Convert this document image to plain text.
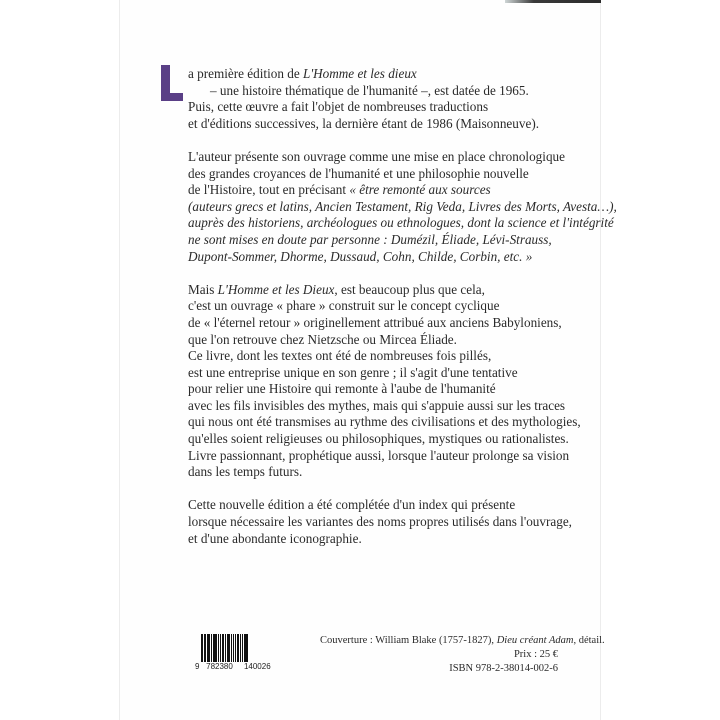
a première édition de L'Homme et les dieux
– une histoire thématique de l'humanité –, est datée de 1965.
Puis, cette œuvre a fait l'objet de nombreuses traductions
et d'éditions successives, la dernière étant de 1986 (Maisonneuve).
L'auteur présente son ouvrage comme une mise en place chronologique
des grandes croyances de l'humanité et une philosophie nouvelle
de l'Histoire, tout en précisant « être remonté aux sources
(auteurs grecs et latins, Ancien Testament, Rig Veda, Livres des Morts, Avesta…),
auprès des historiens, archéologues ou ethnologues, dont la science et l'intégrité
ne sont mises en doute par personne : Dumézil, Éliade, Lévi-Strauss,
Dupont-Sommer, Dhorme, Dussaud, Cohn, Childe, Corbin, etc. »
Mais L'Homme et les Dieux, est beaucoup plus que cela,
c'est un ouvrage « phare » construit sur le concept cyclique
de « l'éternel retour » originellement attribué aux anciens Babyloniens,
que l'on retrouve chez Nietzsche ou Mircea Éliade.
Ce livre, dont les textes ont été de nombreuses fois pillés,
est une entreprise unique en son genre ; il s'agit d'une tentative
pour relier une Histoire qui remonte à l'aube de l'humanité
avec les fils invisibles des mythes, mais qui s'appuie aussi sur les traces
qui nous ont été transmises au rythme des civilisations et des mythologies,
qu'elles soient religieuses ou philosophiques, mystiques ou rationalistes.
Livre passionnant, prophétique aussi, lorsque l'auteur prolonge sa vision
dans les temps futurs.
Cette nouvelle édition a été complétée d'un index qui présente
lorsque nécessaire les variantes des noms propres utilisés dans l'ouvrage,
et d'une abondante iconographie.
9 782380 140026
Couverture : William Blake (1757-1827), Dieu créant Adam, détail.
Prix : 25 €
ISBN 978-2-38014-002-6
